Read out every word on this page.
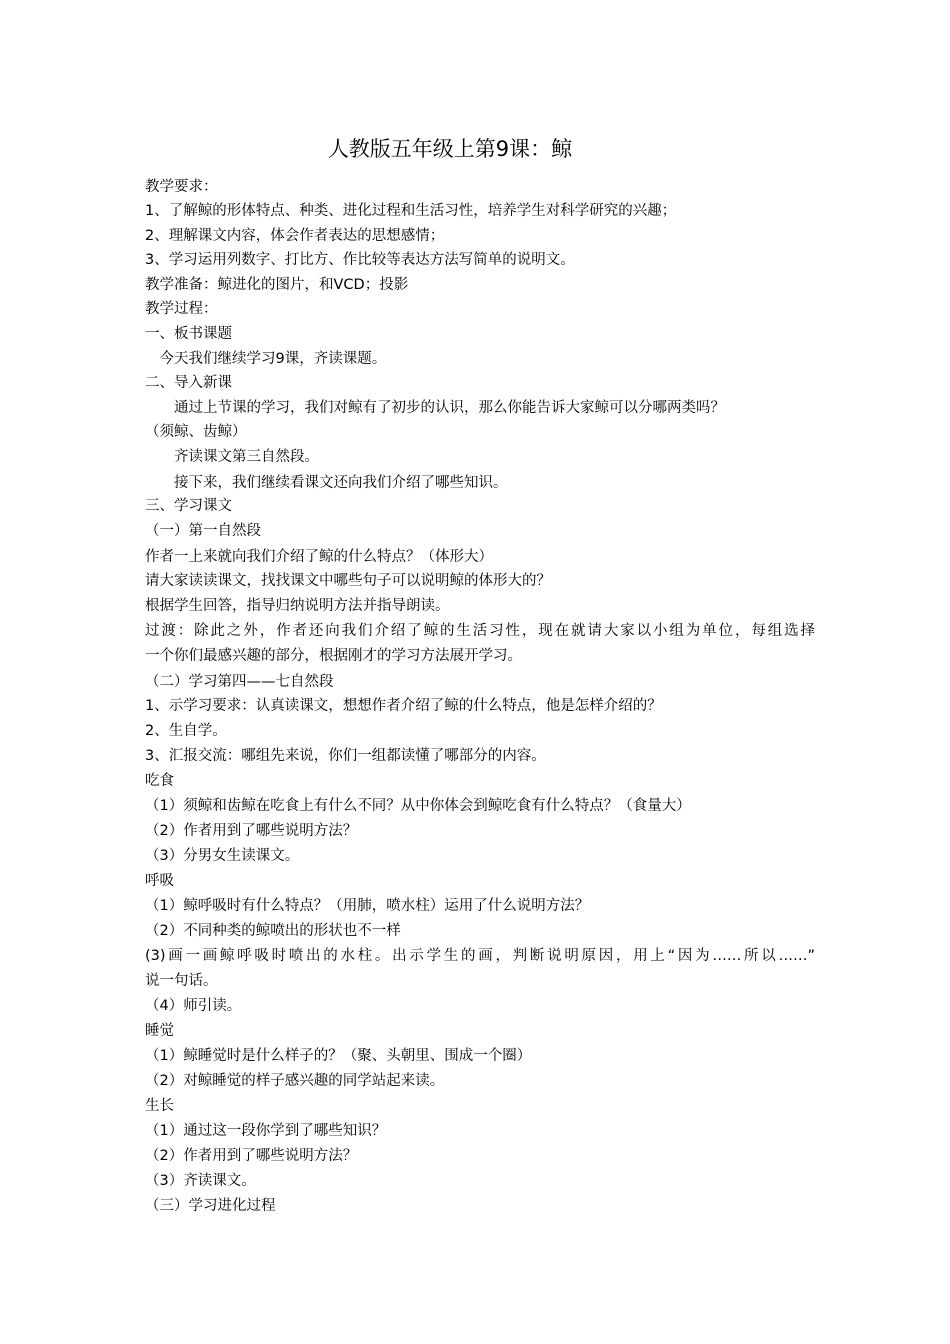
人教版五年级上第9课：鲸
教学要求：
1、了解鲸的形体特点、种类、进化过程和生活习性，培养学生对科学研究的兴趣；
2、理解课文内容，体会作者表达的思想感情；
3、学习运用列数字、打比方、作比较等表达方法写简单的说明文。
教学准备：鲸进化的图片，和VCD；投影
教学过程：
一、板书课题
　今天我们继续学习9课，齐读课题。
二、导入新课
　　通过上节课的学习，我们对鲸有了初步的认识，那么你能告诉大家鲸可以分哪两类吗？
（须鲸、齿鲸）
　　齐读课文第三自然段。
　　接下来，我们继续看课文还向我们介绍了哪些知识。
三、学习课文
（一）第一自然段
作者一上来就向我们介绍了鲸的什么特点？（体形大）
请大家读读课文，找找课文中哪些句子可以说明鲸的体形大的？
根据学生回答，指导归纳说明方法并指导朗读。
过渡：除此之外，作者还向我们介绍了鲸的生活习性，现在就请大家以小组为单位，每组选择
一个你们最感兴趣的部分，根据刚才的学习方法展开学习。
（二）学习第四——七自然段
1、示学习要求：认真读课文，想想作者介绍了鲸的什么特点，他是怎样介绍的？
2、生自学。
3、汇报交流：哪组先来说，你们一组都读懂了哪部分的内容。
吃食
（1）须鲸和齿鲸在吃食上有什么不同？从中你体会到鲸吃食有什么特点？（食量大）
（2）作者用到了哪些说明方法？
（3）分男女生读课文。
呼吸
（1）鲸呼吸时有什么特点？（用肺，喷水柱）运用了什么说明方法？
（2）不同种类的鲸喷出的形状也不一样
(3)画一画鲸呼吸时喷出的水柱。出示学生的画，判断说明原因，用上“因为……所以……”
说一句话。
（4）师引读。
睡觉
（1）鲸睡觉时是什么样子的？（聚、头朝里、围成一个圈）
（2）对鲸睡觉的样子感兴趣的同学站起来读。
生长
（1）通过这一段你学到了哪些知识？
（2）作者用到了哪些说明方法？
（3）齐读课文。
（三）学习进化过程
